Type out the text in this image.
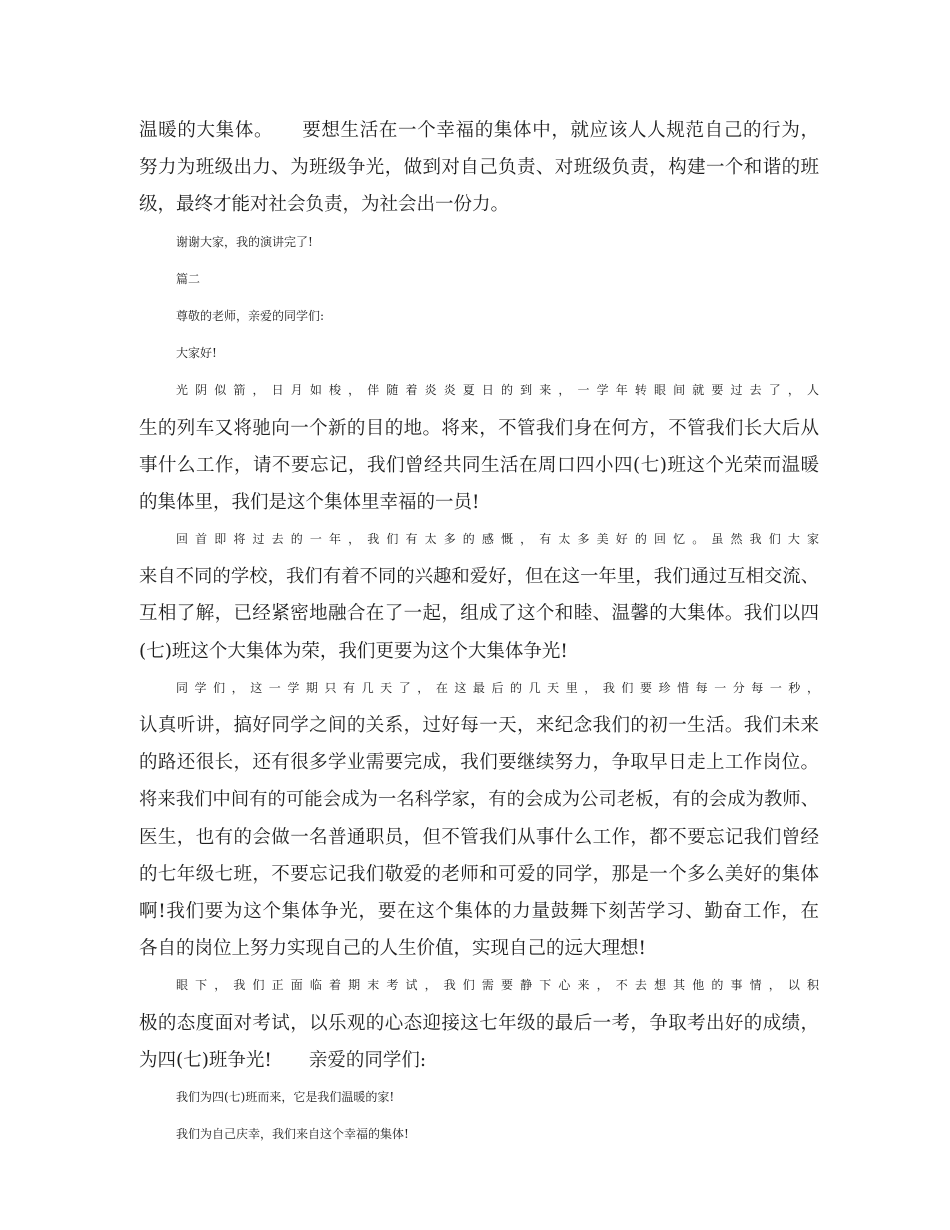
温暖的大集体。　　要想生活在一个幸福的集体中，就应该人人规范自己的行为，
努力为班级出力、为班级争光，做到对自己负责、对班级负责，构建一个和谐的班
级，最终才能对社会负责，为社会出一份力。
谢谢大家，我的演讲完了!
篇二
尊敬的老师，亲爱的同学们:
大家好!
光阴似箭，日月如梭，伴随着炎炎夏日的到来，一学年转眼间就要过去了，人
生的列车又将驰向一个新的目的地。将来，不管我们身在何方，不管我们长大后从
事什么工作，请不要忘记，我们曾经共同生活在周口四小四(七)班这个光荣而温暖
的集体里，我们是这个集体里幸福的一员!
回首即将过去的一年，我们有太多的感慨，有太多美好的回忆。虽然我们大家
来自不同的学校，我们有着不同的兴趣和爱好，但在这一年里，我们通过互相交流、
互相了解，已经紧密地融合在了一起，组成了这个和睦、温馨的大集体。我们以四
(七)班这个大集体为荣，我们更要为这个大集体争光!
同学们，这一学期只有几天了，在这最后的几天里，我们要珍惜每一分每一秒，
认真听讲，搞好同学之间的关系，过好每一天，来纪念我们的初一生活。我们未来
的路还很长，还有很多学业需要完成，我们要继续努力，争取早日走上工作岗位。
将来我们中间有的可能会成为一名科学家，有的会成为公司老板，有的会成为教师、
医生，也有的会做一名普通职员，但不管我们从事什么工作，都不要忘记我们曾经
的七年级七班，不要忘记我们敬爱的老师和可爱的同学，那是一个多么美好的集体
啊!我们要为这个集体争光，要在这个集体的力量鼓舞下刻苦学习、勤奋工作，在
各自的岗位上努力实现自己的人生价值，实现自己的远大理想!
眼下，我们正面临着期末考试，我们需要静下心来，不去想其他的事情，以积
极的态度面对考试，以乐观的心态迎接这七年级的最后一考，争取考出好的成绩，
为四(七)班争光!　　亲爱的同学们:
我们为四(七)班而来，它是我们温暖的家!
我们为自己庆幸，我们来自这个幸福的集体!
